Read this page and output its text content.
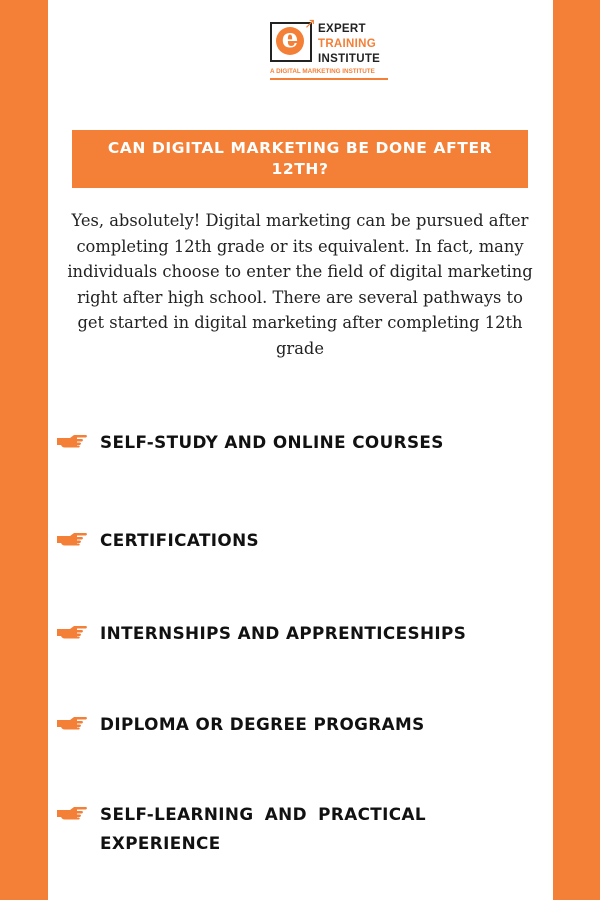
e ↗ EXPERT
TRAINING
INSTITUTE
A DIGITAL MARKETING INSTITUTE
CAN DIGITAL MARKETING BE DONE AFTER 12TH?
Yes, absolutely! Digital marketing can be pursued after completing 12th grade or its equivalent. In fact, many individuals choose to enter the field of digital marketing right after high school. There are several pathways to get started in digital marketing after completing 12th grade
SELF-STUDY AND ONLINE COURSES
CERTIFICATIONS
INTERNSHIPS AND APPRENTICESHIPS
DIPLOMA OR DEGREE PROGRAMS
SELF-LEARNING AND PRACTICAL EXPERIENCE
